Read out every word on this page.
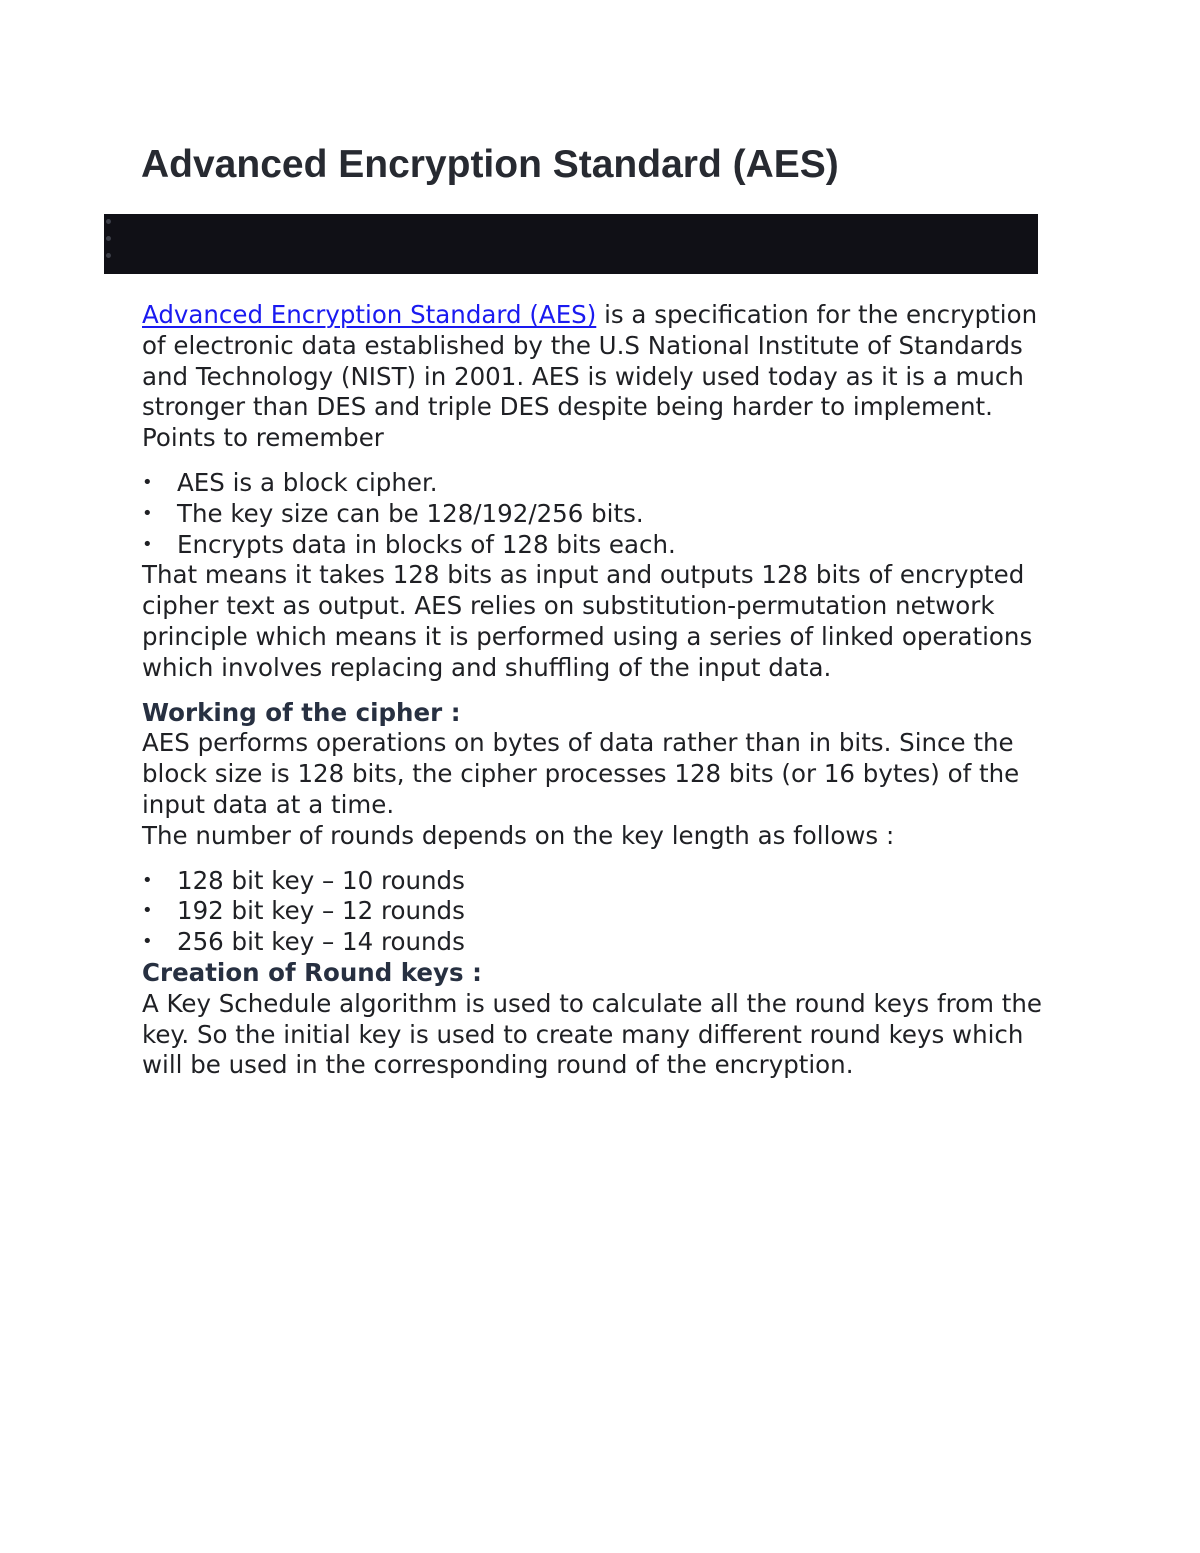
Advanced Encryption Standard (AES)

Advanced Encryption Standard (AES) is a specification for the encryption of electronic data established by the U.S National Institute of Standards and Technology (NIST) in 2001. AES is widely used today as it is a much stronger than DES and triple DES despite being harder to implement.

Points to remember

• AES is a block cipher.
• The key size can be 128/192/256 bits.
• Encrypts data in blocks of 128 bits each.

That means it takes 128 bits as input and outputs 128 bits of encrypted cipher text as output. AES relies on substitution-permutation network principle which means it is performed using a series of linked operations which involves replacing and shuffling of the input data.

Working of the cipher :

AES performs operations on bytes of data rather than in bits. Since the block size is 128 bits, the cipher processes 128 bits (or 16 bytes) of the input data at a time.

The number of rounds depends on the key length as follows :

• 128 bit key – 10 rounds
• 192 bit key – 12 rounds
• 256 bit key – 14 rounds

Creation of Round keys :

A Key Schedule algorithm is used to calculate all the round keys from the key. So the initial key is used to create many different round keys which will be used in the corresponding round of the encryption.
